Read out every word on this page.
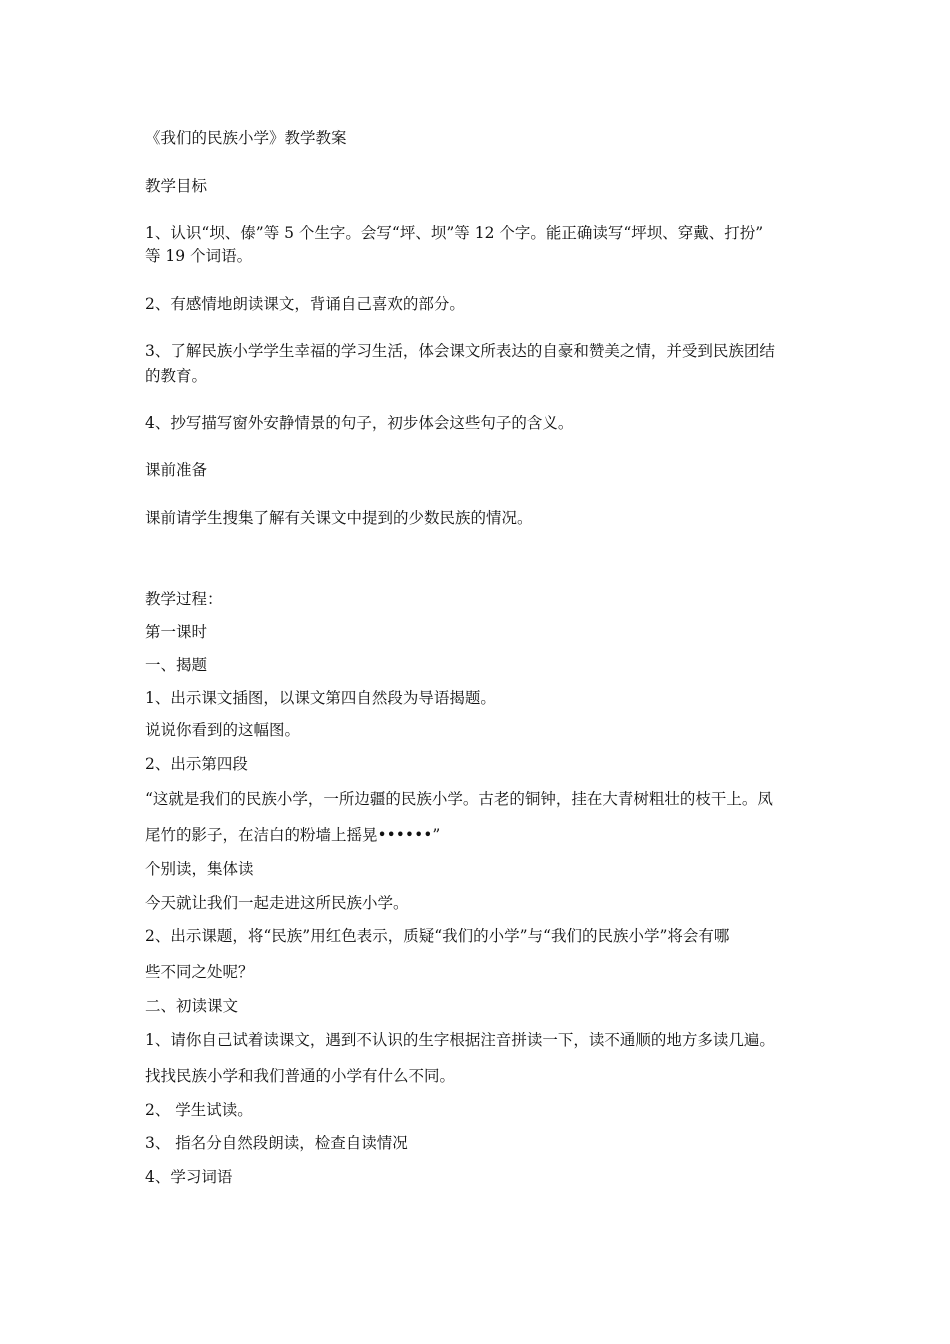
《我们的民族小学》教学教案
教学目标
1、认识“坝、傣”等 5 个生字。会写“坪、坝”等 12 个字。能正确读写“坪坝、穿戴、打扮”
等 19 个词语。
2、有感情地朗读课文，背诵自己喜欢的部分。
3、了解民族小学学生幸福的学习生活，体会课文所表达的自豪和赞美之情，并受到民族团结
的教育。
4、抄写描写窗外安静情景的句子，初步体会这些句子的含义。
课前准备
课前请学生搜集了解有关课文中提到的少数民族的情况。
教学过程：
第一课时
一、揭题
1、出示课文插图，以课文第四自然段为导语揭题。
说说你看到的这幅图。
2、出示第四段
“这就是我们的民族小学，一所边疆的民族小学。古老的铜钟，挂在大青树粗壮的枝干上。凤
尾竹的影子，在洁白的粉墙上摇晃••••••”
个别读，集体读
今天就让我们一起走进这所民族小学。
2、出示课题，将“民族”用红色表示，质疑“我们的小学”与“我们的民族小学”将会有哪
些不同之处呢？
二、初读课文
1、请你自己试着读课文，遇到不认识的生字根据注音拼读一下，读不通顺的地方多读几遍。
找找民族小学和我们普通的小学有什么不同。
2、 学生试读。
3、 指名分自然段朗读，检查自读情况
4、学习词语
